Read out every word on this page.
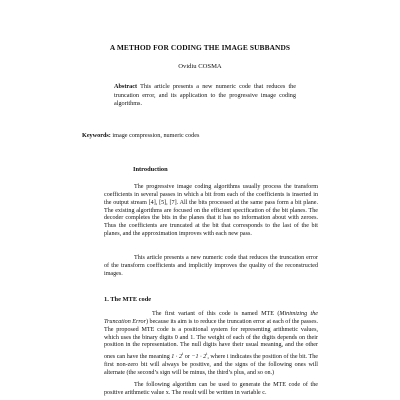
A METHOD FOR CODING THE IMAGE SUBBANDS
Ovidiu COSMA
Abstract This article presents a new numeric code that reduces the truncation error, and its application to the progressive image coding algorithms.
Keywords: image compression, numeric codes
Introduction
The progressive image coding algorithms usually process the transform coefficients in several passes in which a bit from each of the coefficients is inserted in the output stream [4], [5], [7]. All the bits processed at the same pass form a bit plane. The existing algorithms are focused on the efficient specification of the bit planes. The decoder completes the bits in the planes that it has no information about with zeroes. Thus the coefficients are truncated at the bit that corresponds to the last of the bit planes, and the approximation improves with each new pass.
This article presents a new numeric code that reduces the truncation error of the transform coefficients and implicitly improves the quality of the reconstructed images.
1. The MTE code
The first variant of this code is named MTE (Minimizing the Truncation Error) because its aim is to reduce the truncation error at each of the passes. The proposed MTE code is a positional system for representing arithmetic values, which uses the binary digits 0 and 1. The weight of each of the digits depends on their position in the representation. The null digits have their usual meaning, and the other ones can have the meaning $1 \cdot 2^i$ or $-1 \cdot 2^i$, where i indicates the position of the bit. The first non-zero bit will always be positive, and the signs of the following ones will alternate (the second’s sign will be minus, the third’s plus, and so on.)
The following algorithm can be used to generate the MTE code of the positive arithmetic value x. The result will be written in variable c.
